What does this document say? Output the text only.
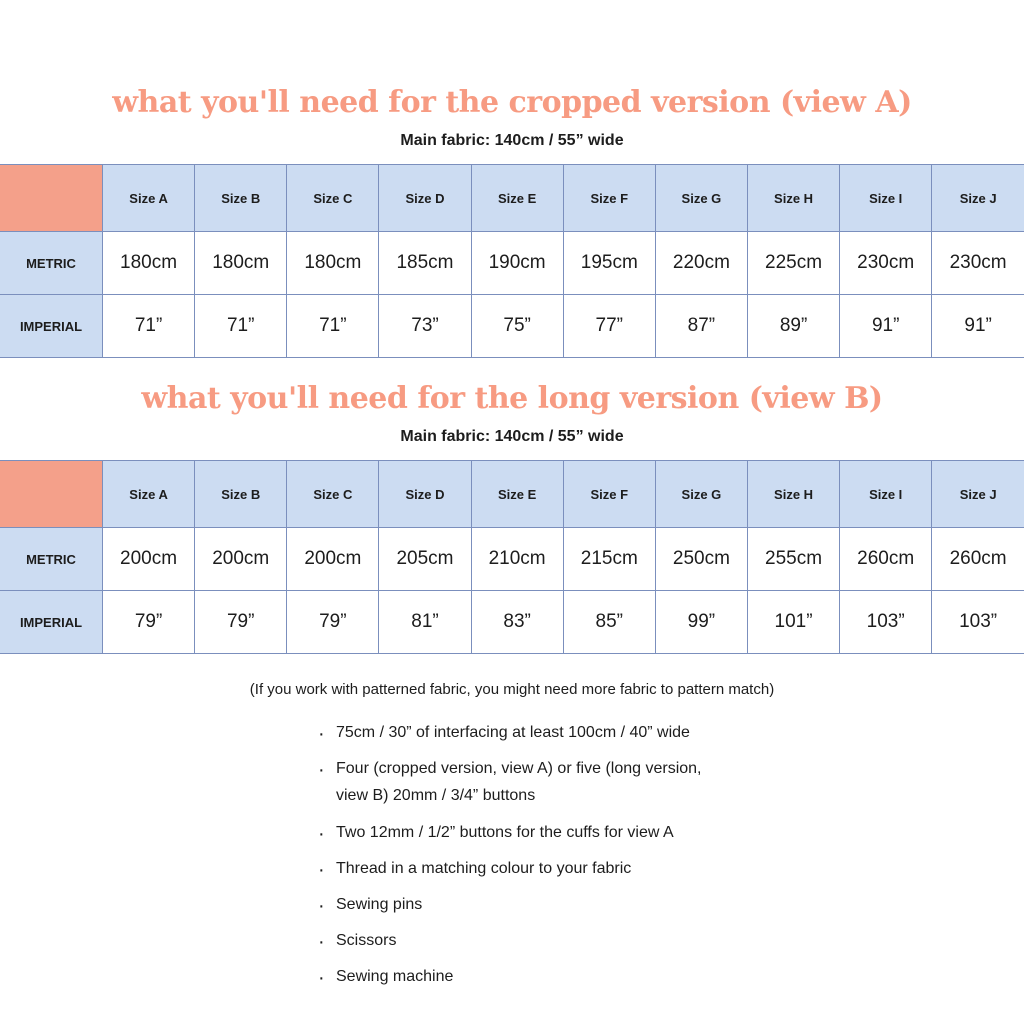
what you'll need for the cropped version (view A)

Main fabric: 140cm / 55” wide

	Size A	Size B	Size C	Size D	Size E	Size F	Size G	Size H	Size I	Size J
METRIC	180cm	180cm	180cm	185cm	190cm	195cm	220cm	225cm	230cm	230cm
IMPERIAL	71”	71”	71”	73”	75”	77”	87”	89”	91”	91”
what you'll need for the long version (view B)

Main fabric: 140cm / 55” wide

	Size A	Size B	Size C	Size D	Size E	Size F	Size G	Size H	Size I	Size J
METRIC	200cm	200cm	200cm	205cm	210cm	215cm	250cm	255cm	260cm	260cm
IMPERIAL	79”	79”	79”	81”	83”	85”	99”	101”	103”	103”

(If you work with patterned fabric, you might need more fabric to pattern match)

· 75cm / 30” of interfacing at least 100cm / 40” wide
· Four (cropped version, view A) or five (long version, view B) 20mm / 3/4” buttons
· Two 12mm / 1/2” buttons for the cuffs for view A
· Thread in a matching colour to your fabric
· Sewing pins
· Scissors
· Sewing machine
